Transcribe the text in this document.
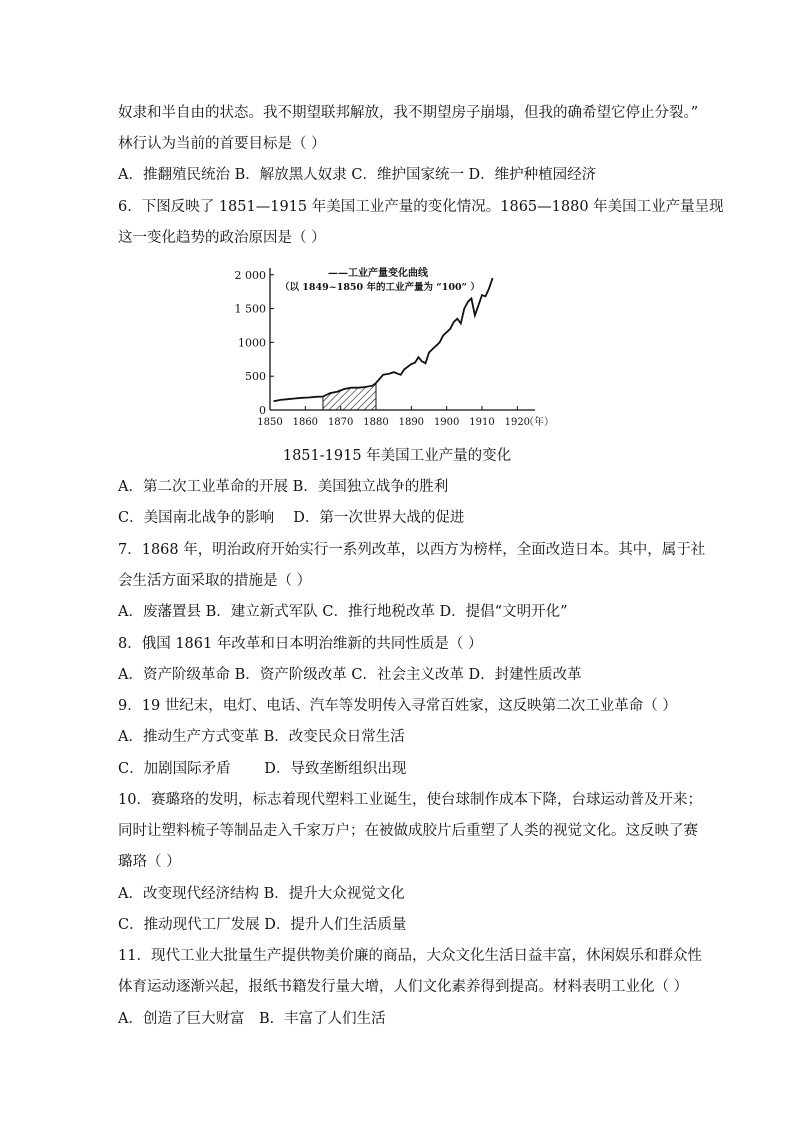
奴隶和半自由的状态。我不期望联邦解放，我不期望房子崩塌，但我的确希望它停止分裂。”
林行认为当前的首要目标是（ ）
A．推翻殖民统治 B．解放黑人奴隶 C．维护国家统一 D．维护种植园经济
6．下图反映了 1851—1915 年美国工业产量的变化情况。1865—1880 年美国工业产量呈现
这一变化趋势的政治原因是（ ）
0
500
1000
1 500
2 000
1850 1860 1870 1880 1890 1900 1910 1920
（年）
——工业产量变化曲线
（以 1849~1850 年的工业产量为 “100” ）
1851-1915 年美国工业产量的变化
A．第二次工业革命的开展 B．美国独立战争的胜利
C．美国南北战争的影响　 D．第一次世界大战的促进
7．1868 年，明治政府开始实行一系列改革，以西方为榜样，全面改造日本。其中，属于社
会生活方面采取的措施是（ ）
A．废藩置县 B．建立新式军队 C．推行地税改革 D．提倡“文明开化”
8．俄国 1861 年改革和日本明治维新的共同性质是（ ）
A．资产阶级革命 B．资产阶级改革 C．社会主义改革 D．封建性质改革
9．19 世纪末，电灯、电话、汽车等发明传入寻常百姓家，这反映第二次工业革命（ ）
A．推动生产方式变革 B．改变民众日常生活
C．加剧国际矛盾　　 D．导致垄断组织出现
10．赛璐珞的发明，标志着现代塑料工业诞生，使台球制作成本下降，台球运动普及开来；
同时让塑料梳子等制品走入千家万户；在被做成胶片后重塑了人类的视觉文化。这反映了赛
璐珞（ ）
A．改变现代经济结构 B．提升大众视觉文化
C．推动现代工厂发展 D．提升人们生活质量
11．现代工业大批量生产提供物美价廉的商品，大众文化生活日益丰富，休闲娱乐和群众性
体育运动逐渐兴起，报纸书籍发行量大增，人们文化素养得到提高。材料表明工业化（ ）
A．创造了巨大财富　B．丰富了人们生活
